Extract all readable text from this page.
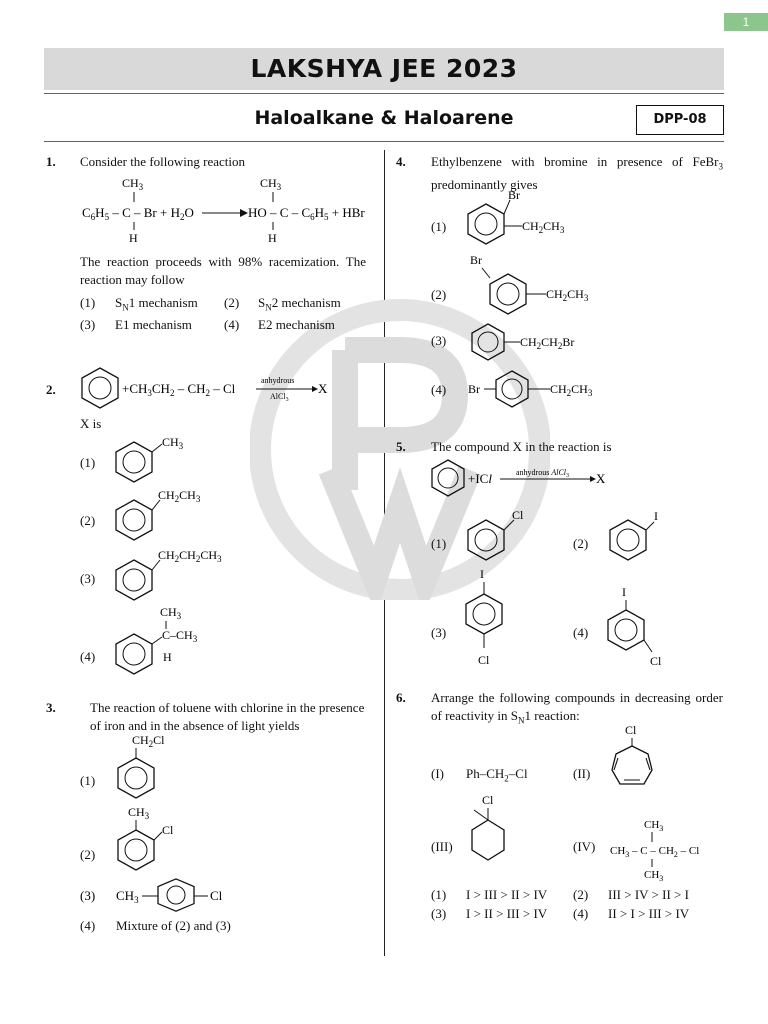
1
LAKSHYA JEE 2023
Haloalkane & Haloarene	DPP-08
1. Consider the following reaction
$CH_3$
$C_6H_5 - C - Br + H_2O$
H
$CH_3$
HO – C – $C_6H_5$ + HBr
H
The reaction proceeds with 98% racemization. The reaction may follow
(1) $S_N1$ mechanism (2) $S_N2$ mechanism
(3) E1 mechanism (4) E2 mechanism
2.	$+CH_3CH_2 - CH_2 - Cl$
anhydrous
AlCl$_3$
X
X is
(1)
$CH_3$
(2)
$CH_2CH_3$
(3)
$CH_2CH_2CH_3$
(4)
$CH_3$
$C-CH_3$
H
3.	The reaction of toluene with chlorine in the presence of iron and in the absence of light yields
(1)
$CH_2Cl$
(2)
$CH_3$
Cl
(3) $CH_3$	Cl
(4) Mixture of (2) and (3)
4. Ethylbenzene with bromine in presence of FeBr$_3$ predominantly gives
(1)
Br
$CH_2CH_3$
(2)
Br
$CH_2CH_3$
(3)	$CH_2CH_2Br$
(4) Br	$CH_2CH_3$
5. The compound X in the reaction is
+ICl	anhydrous AlCl$_3$ X
(1)
Cl
(2)
I
(3)
I
Cl
(4)
I
Cl
6. Arrange the following compounds in decreasing order of reactivity in $S_N1$ reaction:
(I) $Ph-CH_2-Cl$	(II)
Cl
(III)
Cl
(IV)
$CH_3$
$CH_3$ – C – $CH_2$ – Cl
$CH_3$
(1) I > III > II > IV (2) III > IV > II > I
(3) I > II > III > IV (4) II > I > III > IV
